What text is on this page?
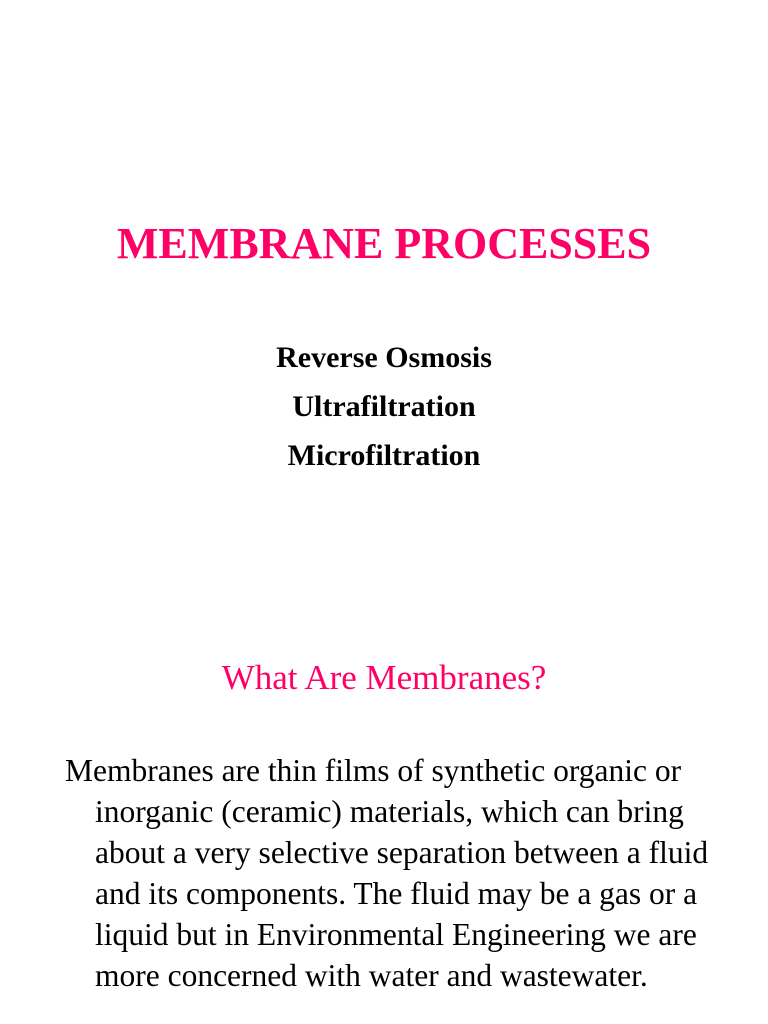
MEMBRANE PROCESSES
Reverse Osmosis
Ultrafiltration
Microfiltration
What Are Membranes?

Membranes are thin films of synthetic organic or inorganic (ceramic) materials, which can bring about a very selective separation between a fluid and its components. The fluid may be a gas or a liquid but in Environmental Engineering we are more concerned with water and wastewater.
